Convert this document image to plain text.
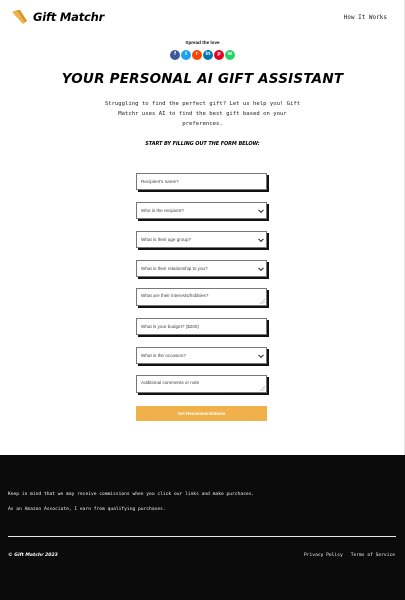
Gift Matchr	How It Works
Spread the love
f	t	r	in	p	w
YOUR PERSONAL AI GIFT ASSISTANT

Struggling to find the perfect gift? Let us help you! Gift Matchr uses AI to find the best gift based on your preferences.

START BY FILLING OUT THE FORM BELOW:
Recipient's name?
Who is the recipient?
What is their age group?
What is their relationship to you?
What are their interests/hobbies?
What is your budget? ($200)
What is the occasion?
Additional comments or note
Get Recommendations
Keep in mind that we may receive commissions when you click our links and make purchases.
As an Amazon Associate, I earn from qualifying purchases.
© Gift Matchr 2023	Privacy Policy Terms of Service
